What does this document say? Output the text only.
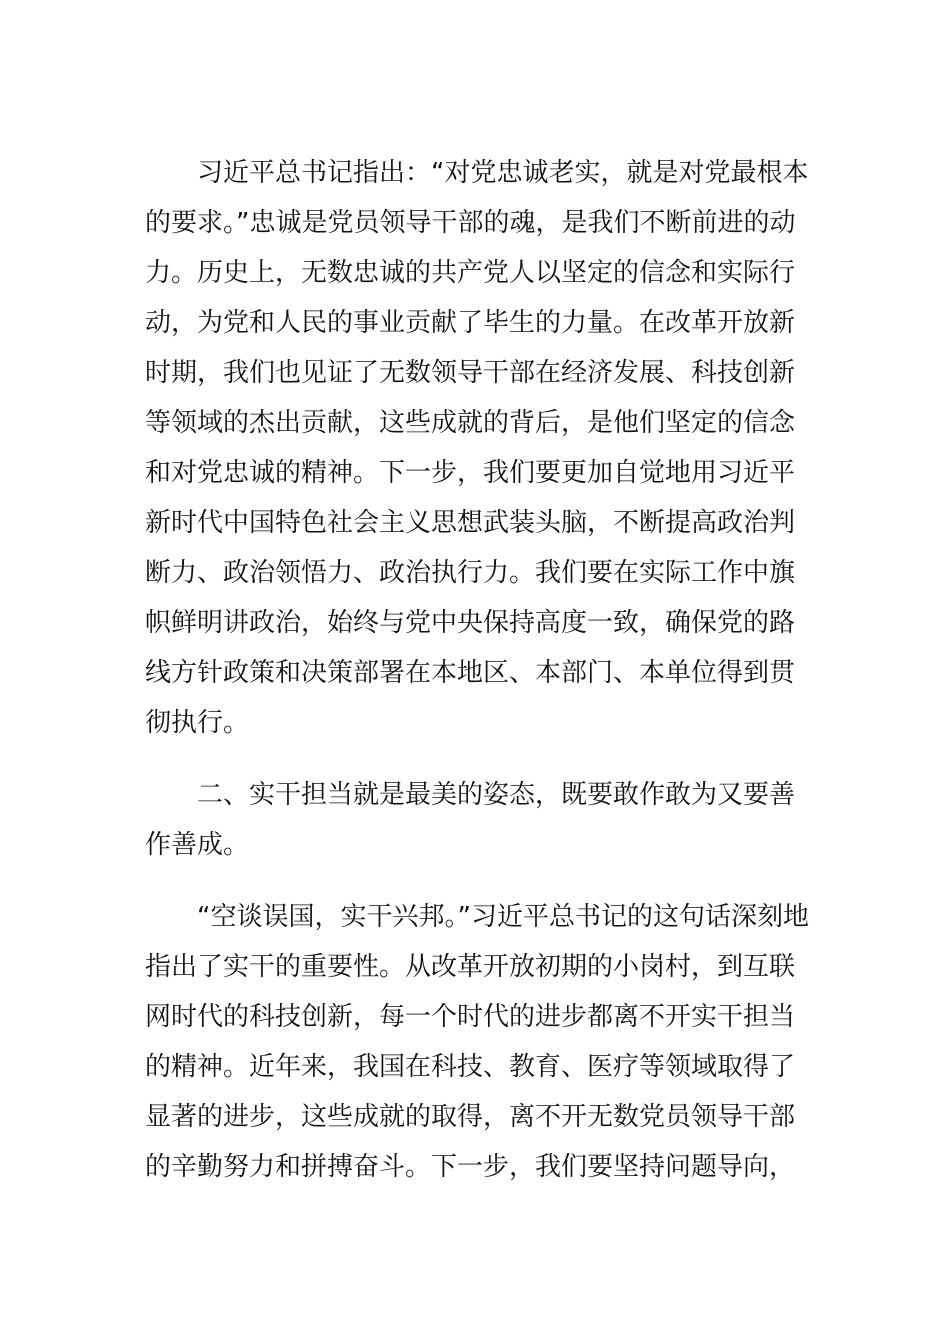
习近平总书记指出：“对党忠诚老实，就是对党最根本
的要求。”忠诚是党员领导干部的魂，是我们不断前进的动
力。历史上，无数忠诚的共产党人以坚定的信念和实际行
动，为党和人民的事业贡献了毕生的力量。在改革开放新
时期，我们也见证了无数领导干部在经济发展、科技创新
等领域的杰出贡献，这些成就的背后，是他们坚定的信念
和对党忠诚的精神。下一步，我们要更加自觉地用习近平
新时代中国特色社会主义思想武装头脑，不断提高政治判
断力、政治领悟力、政治执行力。我们要在实际工作中旗
帜鲜明讲政治，始终与党中央保持高度一致，确保党的路
线方针政策和决策部署在本地区、本部门、本单位得到贯
彻执行。
二、实干担当就是最美的姿态，既要敢作敢为又要善
作善成。
“空谈误国，实干兴邦。”习近平总书记的这句话深刻地
指出了实干的重要性。从改革开放初期的小岗村，到互联
网时代的科技创新，每一个时代的进步都离不开实干担当
的精神。近年来，我国在科技、教育、医疗等领域取得了
显著的进步，这些成就的取得，离不开无数党员领导干部
的辛勤努力和拼搏奋斗。下一步，我们要坚持问题导向，
